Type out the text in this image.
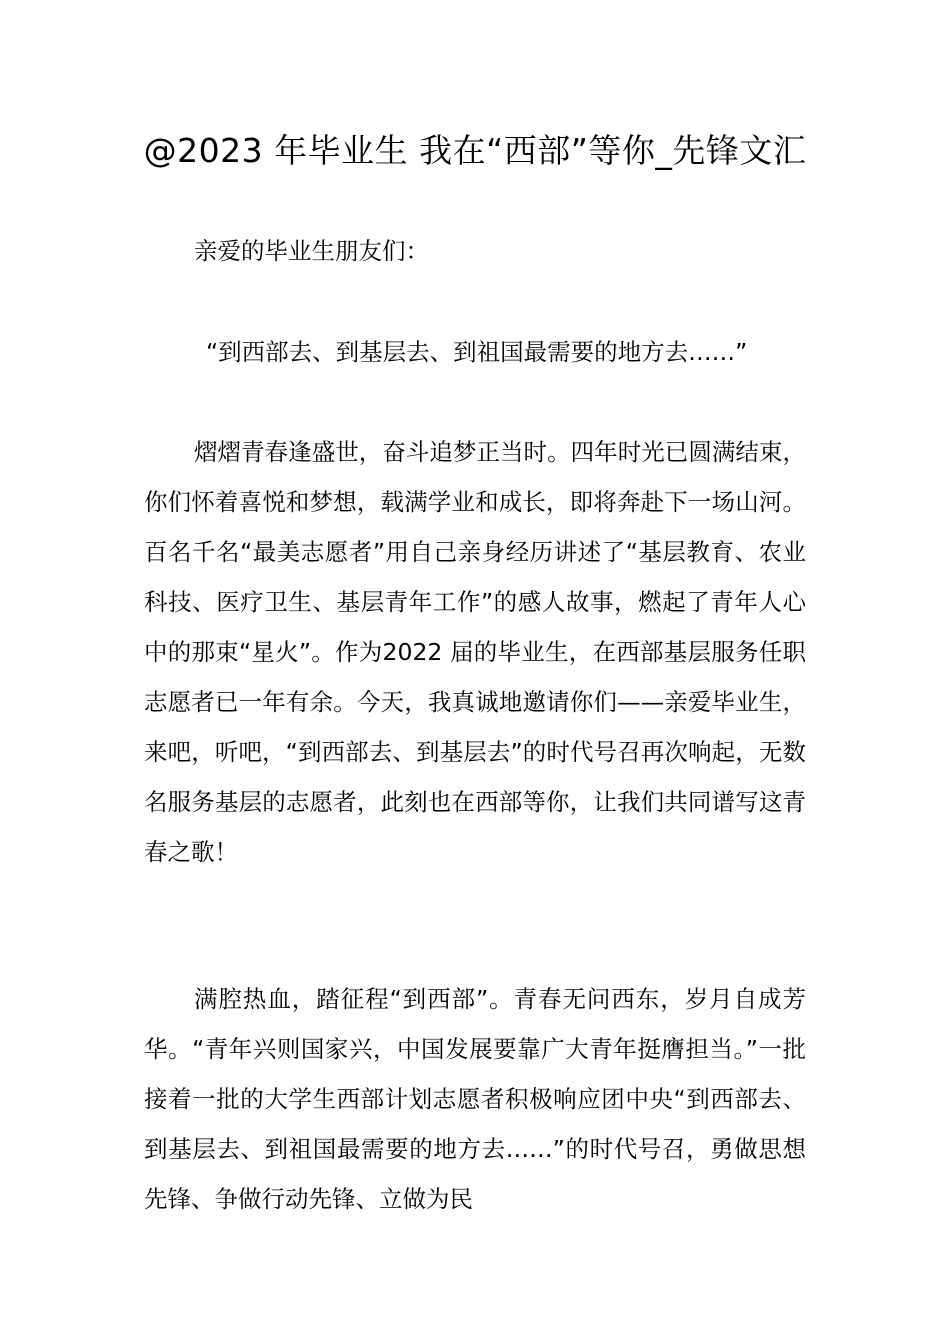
@2023 年毕业生 我在“西部”等你_先锋文汇

亲爱的毕业生朋友们：

“到西部去、到基层去、到祖国最需要的地方去……”

熠熠青春逢盛世，奋斗追梦正当时。四年时光已圆满结束，你们怀着喜悦和梦想，载满学业和成长，即将奔赴下一场山河。百名千名“最美志愿者”用自己亲身经历讲述了“基层教育、农业科技、医疗卫生、基层青年工作”的感人故事，燃起了青年人心中的那束“星火”。作为2022 届的毕业生，在西部基层服务任职志愿者已一年有余。今天，我真诚地邀请你们——亲爱毕业生，来吧，听吧，“到西部去、到基层去”的时代号召再次响起，无数名服务基层的志愿者，此刻也在西部等你，让我们共同谱写这青春之歌！

满腔热血，踏征程“到西部”。青春无问西东，岁月自成芳华。“青年兴则国家兴，中国发展要靠广大青年挺膺担当。”一批接着一批的大学生西部计划志愿者积极响应团中央“到西部去、到基层去、到祖国最需要的地方去……”的时代号召，勇做思想先锋、争做行动先锋、立做为民
